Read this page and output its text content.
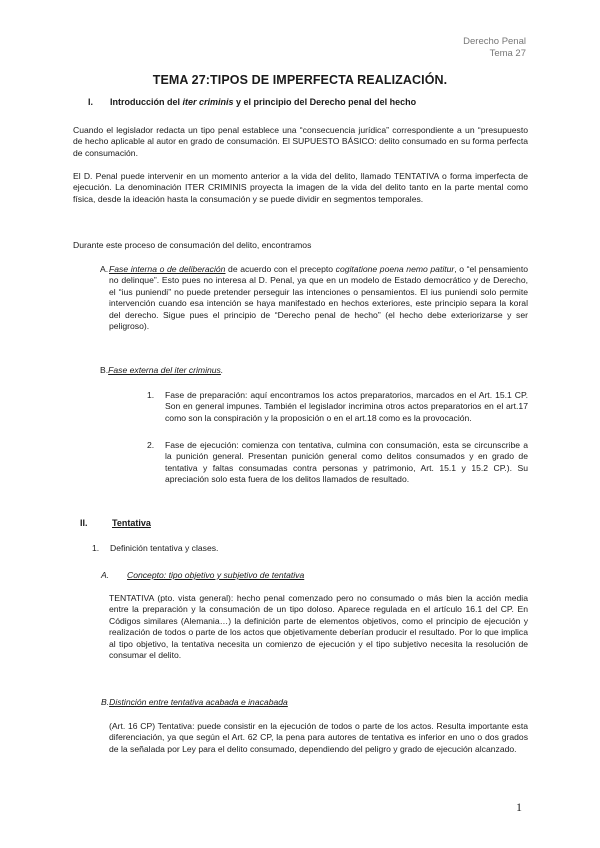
Derecho Penal
Tema 27
TEMA 27:TIPOS DE IMPERFECTA REALIZACIÓN.
I. Introducción del iter criminis y el principio del Derecho penal del hecho
Cuando el legislador redacta un tipo penal establece una “consecuencia jurídica” correspondiente a un “presupuesto de hecho aplicable al autor en grado de consumación. El SUPUESTO BÁSICO: delito consumado en su forma perfecta de consumación.
El D. Penal puede intervenir en un momento anterior a la vida del delito, llamado TENTATIVA o forma imperfecta de ejecución. La denominación ITER CRIMINIS proyecta la imagen de la vida del delito tanto en la parte mental como física, desde la ideación hasta la consumación y se puede dividir en segmentos temporales.
Durante este proceso de consumación del delito, encontramos
A. Fase interna o de deliberación de acuerdo con el precepto cogitatione poena nemo patitur, o “el pensamiento no delinque”. Esto pues no interesa al D. Penal, ya que en un modelo de Estado democrático y de Derecho, el “ius puniendi” no puede pretender perseguir las intenciones o pensamientos. El ius puniendi solo permite intervención cuando esa intención se haya manifestado en hechos exteriores, este principio separa la koral del derecho. Sigue pues el principio de “Derecho penal de hecho” (el hecho debe exteriorizarse y ser peligroso).
B.Fase externa del iter criminus.
1. Fase de preparación: aquí encontramos los actos preparatorios, marcados en el Art. 15.1 CP. Son en general impunes. También el legislador incrimina otros actos preparatorios en el art.17 como son la conspiración y la proposición o en el art.18 como es la provocación.
2. Fase de ejecución: comienza con tentativa, culmina con consumación, esta se circunscribe a la punición general. Presentan punición general como delitos consumados y en grado de tentativa y faltas consumadas contra personas y patrimonio, Art. 15.1 y 15.2 CP.). Su apreciación solo esta fuera de los delitos llamados de resultado.
II.	Tentativa
1. Definición tentativa y clases.
A. Concepto: tipo objetivo y subjetivo de tentativa
TENTATIVA (pto. vista general): hecho penal comenzado pero no consumado o más bien la acción media entre la preparación y la consumación de un tipo doloso. Aparece regulada en el artículo 16.1 del CP. En Códigos similares (Alemania…) la definición parte de elementos objetivos, como el principio de ejecución y realización de todos o parte de los actos que objetivamente deberían producir el resultado. Por lo que implica al tipo objetivo, la tentativa necesita un comienzo de ejecución y el tipo subjetivo necesita la resolución de consumar el delito.
B.Distinción entre tentativa acabada e inacabada
(Art. 16 CP) Tentativa: puede consistir en la ejecución de todos o parte de los actos. Resulta importante esta diferenciación, ya que según el Art. 62 CP, la pena para autores de tentativa es inferior en uno o dos grados de la señalada por Ley para el delito consumado, dependiendo del peligro y grado de ejecución alcanzado.
1
